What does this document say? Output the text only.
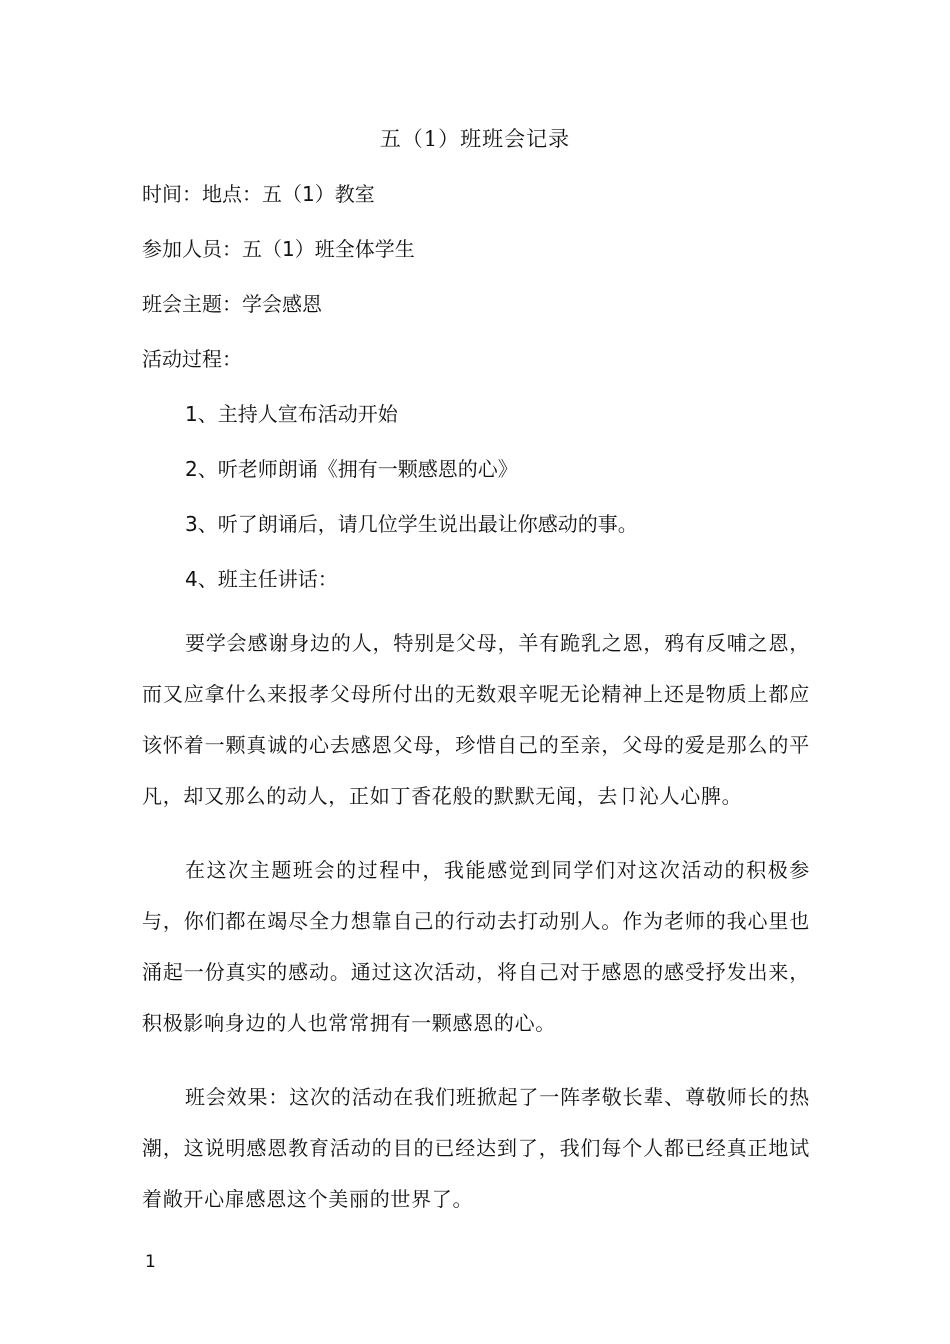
五（1）班班会记录

时间：地点：五（1）教室

参加人员：五（1）班全体学生

班会主题：学会感恩

活动过程：

1、主持人宣布活动开始

2、听老师朗诵《拥有一颗感恩的心》

3、听了朗诵后，请几位学生说出最让你感动的事。

4、班主任讲话：

要学会感谢身边的人，特别是父母，羊有跪乳之恩，鸦有反哺之恩，而又应拿什么来报孝父母所付出的无数艰辛呢无论精神上还是物质上都应该怀着一颗真诚的心去感恩父母，珍惜自己的至亲，父母的爱是那么的平凡，却又那么的动人，正如丁香花般的默默无闻，去卩沁人心脾。

在这次主题班会的过程中，我能感觉到同学们对这次活动的积极参与，你们都在竭尽全力想靠自己的行动去打动别人。作为老师的我心里也涌起一份真实的感动。通过这次活动，将自己对于感恩的感受抒发出来，积极影响身边的人也常常拥有一颗感恩的心。

班会效果：这次的活动在我们班掀起了一阵孝敬长辈、尊敬师长的热潮，这说明感恩教育活动的目的已经达到了，我们每个人都已经真正地试着敞开心扉感恩这个美丽的世界了。

1
